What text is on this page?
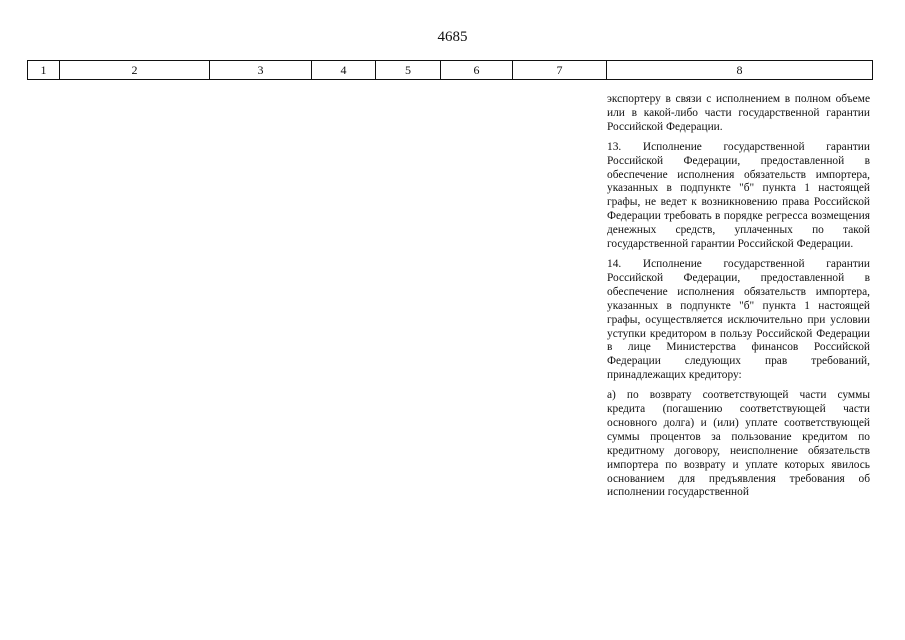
4685
1	2	3	4	5	6	7	8

экспортеру в связи с исполнением в полном объеме или в какой-либо части государственной гарантии Российской Федерации.

13. Исполнение государственной гарантии Российской Федерации, предоставленной в обеспечение исполнения обязательств импортера, указанных в подпункте "б" пункта 1 настоящей графы, не ведет к возникновению права Российской Федерации требовать в порядке регресса возмещения денежных средств, уплаченных по такой государственной гарантии Российской Федерации.

14. Исполнение государственной гарантии Российской Федерации, предоставленной в обеспечение исполнения обязательств импортера, указанных в подпункте "б" пункта 1 настоящей графы, осуществляется исключительно при условии уступки кредитором в пользу Российской Федерации в лице Министерства финансов Российской Федерации следующих прав требований, принадлежащих кредитору:

а) по возврату соответствующей части суммы кредита (погашению соответствующей части основного долга) и (или) уплате соответствующей суммы процентов за пользование кредитом по кредитному договору, неисполнение обязательств импортера по возврату и уплате которых явилось основанием для предъявления требования об исполнении государственной
